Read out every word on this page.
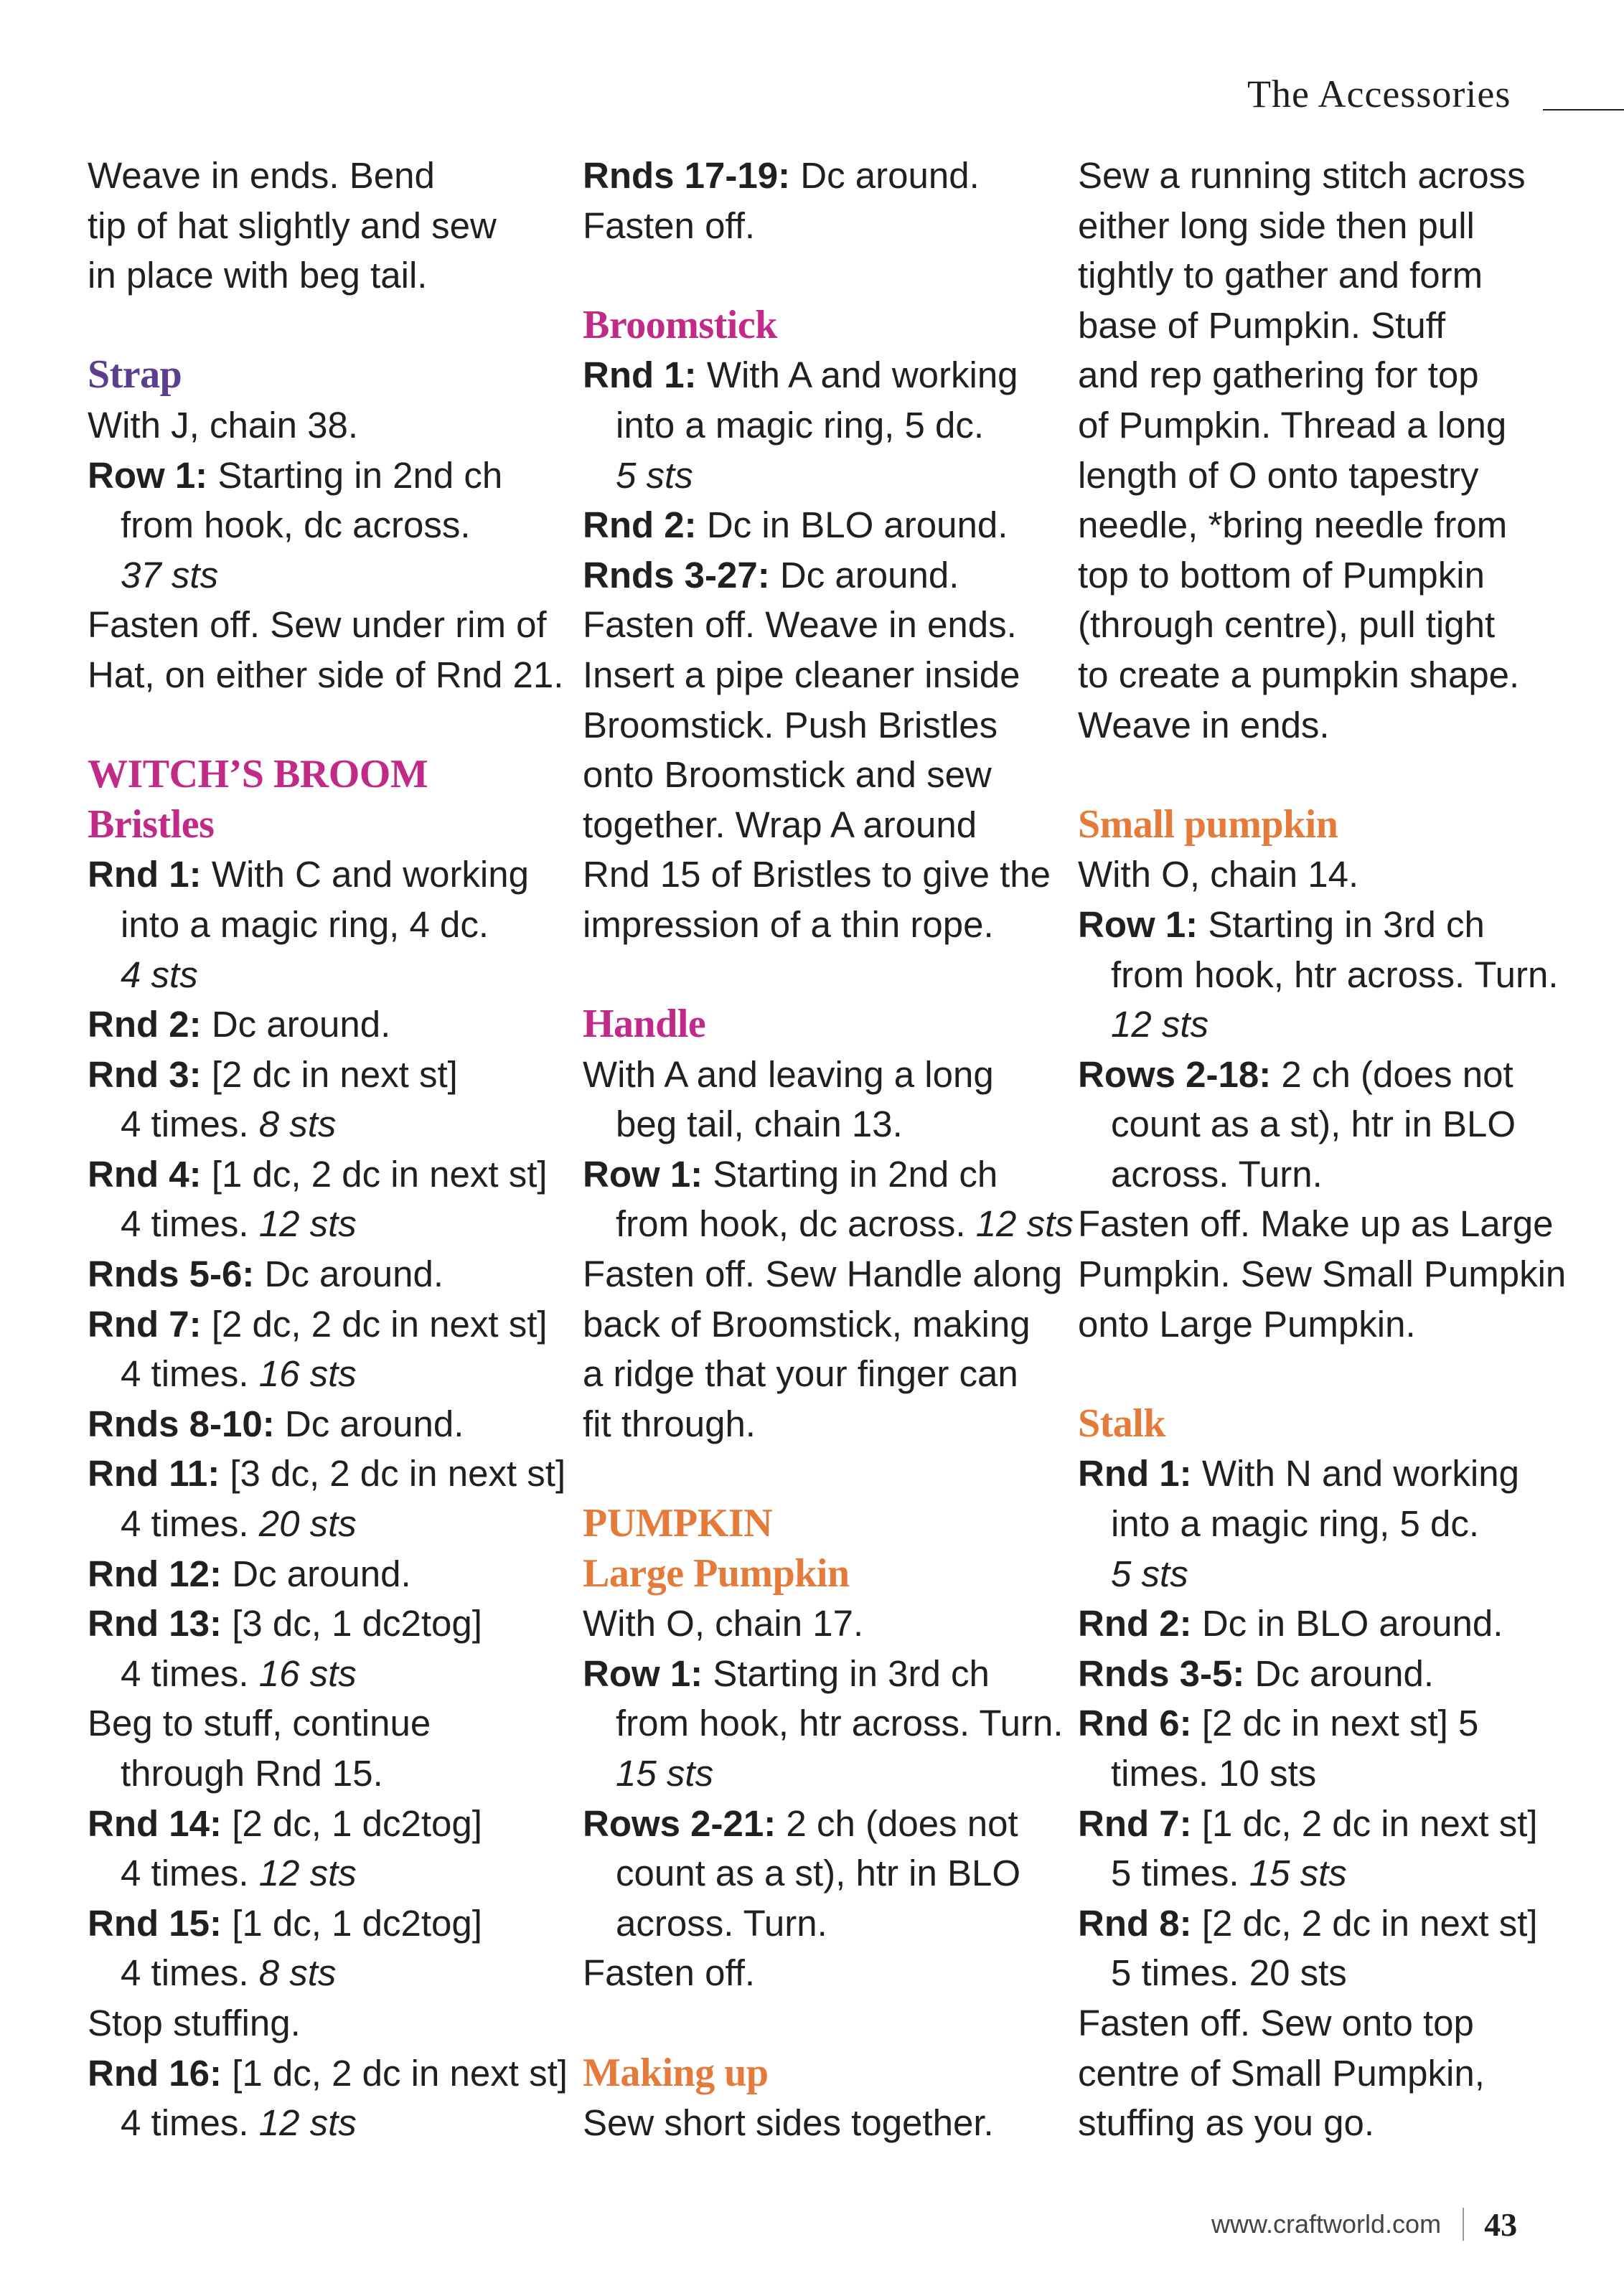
The Accessories
Weave in ends. Bend
tip of hat slightly and sew
in place with beg tail.
Strap
With J, chain 38.
Row 1: Starting in 2nd ch
from hook, dc across.
37 sts
Fasten off. Sew under rim of
Hat, on either side of Rnd 21.
WITCH’S BROOM
Bristles
Rnd 1: With C and working
into a magic ring, 4 dc.
4 sts
Rnd 2: Dc around.
Rnd 3: [2 dc in next st]
4 times. 8 sts
Rnd 4: [1 dc, 2 dc in next st]
4 times. 12 sts
Rnds 5-6: Dc around.
Rnd 7: [2 dc, 2 dc in next st]
4 times. 16 sts
Rnds 8-10: Dc around.
Rnd 11: [3 dc, 2 dc in next st]
4 times. 20 sts
Rnd 12: Dc around.
Rnd 13: [3 dc, 1 dc2tog]
4 times. 16 sts
Beg to stuff, continue
through Rnd 15.
Rnd 14: [2 dc, 1 dc2tog]
4 times. 12 sts
Rnd 15: [1 dc, 1 dc2tog]
4 times. 8 sts
Stop stuffing.
Rnd 16: [1 dc, 2 dc in next st]
4 times. 12 sts
Rnds 17-19: Dc around.
Fasten off.
Broomstick
Rnd 1: With A and working
into a magic ring, 5 dc.
5 sts
Rnd 2: Dc in BLO around.
Rnds 3-27: Dc around.
Fasten off. Weave in ends.
Insert a pipe cleaner inside
Broomstick. Push Bristles
onto Broomstick and sew
together. Wrap A around
Rnd 15 of Bristles to give the
impression of a thin rope.
Handle
With A and leaving a long
beg tail, chain 13.
Row 1: Starting in 2nd ch
from hook, dc across. 12 sts
Fasten off. Sew Handle along
back of Broomstick, making
a ridge that your finger can
fit through.
PUMPKIN
Large Pumpkin
With O, chain 17.
Row 1: Starting in 3rd ch
from hook, htr across. Turn.
15 sts
Rows 2-21: 2 ch (does not
count as a st), htr in BLO
across. Turn.
Fasten off.
Making up
Sew short sides together.
Sew a running stitch across
either long side then pull
tightly to gather and form
base of Pumpkin. Stuff
and rep gathering for top
of Pumpkin. Thread a long
length of O onto tapestry
needle, *bring needle from
top to bottom of Pumpkin
(through centre), pull tight
to create a pumpkin shape.
Weave in ends.
Small pumpkin
With O, chain 14.
Row 1: Starting in 3rd ch
from hook, htr across. Turn.
12 sts
Rows 2-18: 2 ch (does not
count as a st), htr in BLO
across. Turn.
Fasten off. Make up as Large
Pumpkin. Sew Small Pumpkin
onto Large Pumpkin.
Stalk
Rnd 1: With N and working
into a magic ring, 5 dc.
5 sts
Rnd 2: Dc in BLO around.
Rnds 3-5: Dc around.
Rnd 6: [2 dc in next st] 5
times. 10 sts
Rnd 7: [1 dc, 2 dc in next st]
5 times. 15 sts
Rnd 8: [2 dc, 2 dc in next st]
5 times. 20 sts
Fasten off. Sew onto top
centre of Small Pumpkin,
stuffing as you go.
www.craftworld.com 43
